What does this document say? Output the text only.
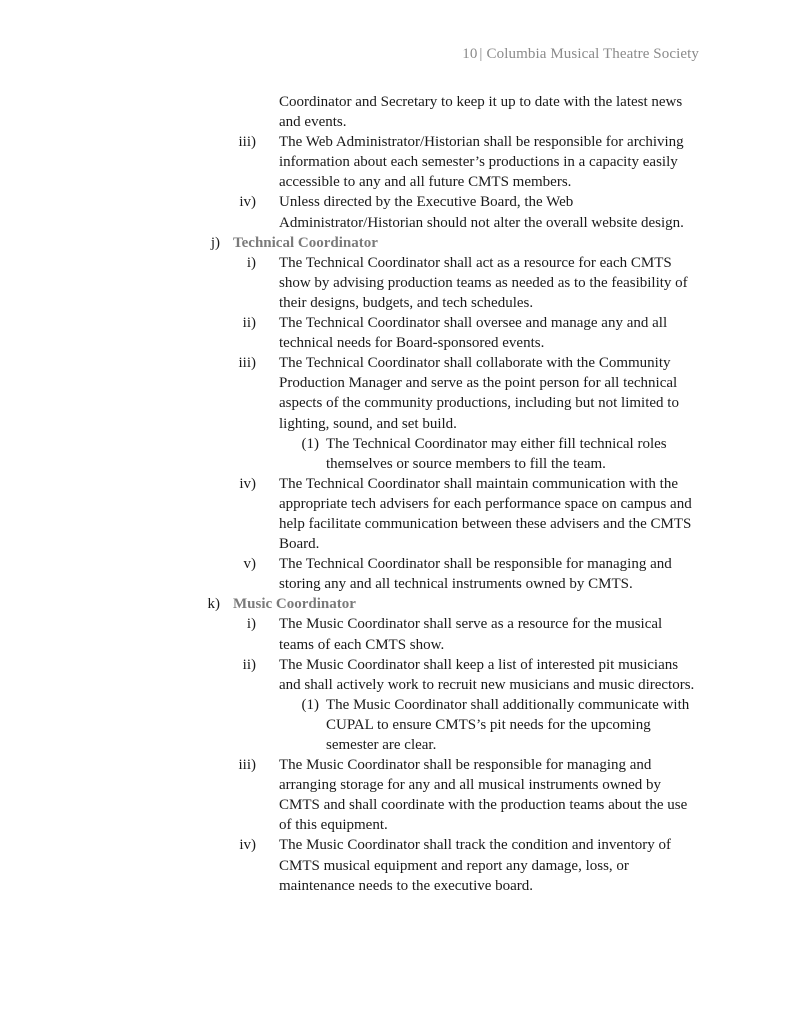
10 | Columbia Musical Theatre Society
Coordinator and Secretary to keep it up to date with the latest news
and events.
iii) The Web Administrator/Historian shall be responsible for archiving
information about each semester’s productions in a capacity easily
accessible to any and all future CMTS members.
iv) Unless directed by the Executive Board, the Web
Administrator/Historian should not alter the overall website design.
j) Technical Coordinator
i) The Technical Coordinator shall act as a resource for each CMTS
show by advising production teams as needed as to the feasibility of
their designs, budgets, and tech schedules.
ii) The Technical Coordinator shall oversee and manage any and all
technical needs for Board-sponsored events.
iii) The Technical Coordinator shall collaborate with the Community
Production Manager and serve as the point person for all technical
aspects of the community productions, including but not limited to
lighting, sound, and set build.
(1) The Technical Coordinator may either fill technical roles
themselves or source members to fill the team.
iv) The Technical Coordinator shall maintain communication with the
appropriate tech advisers for each performance space on campus and
help facilitate communication between these advisers and the CMTS
Board.
v) The Technical Coordinator shall be responsible for managing and
storing any and all technical instruments owned by CMTS.
k) Music Coordinator
i) The Music Coordinator shall serve as a resource for the musical
teams of each CMTS show.
ii) The Music Coordinator shall keep a list of interested pit musicians
and shall actively work to recruit new musicians and music directors.
(1) The Music Coordinator shall additionally communicate with
CUPAL to ensure CMTS’s pit needs for the upcoming
semester are clear.
iii) The Music Coordinator shall be responsible for managing and
arranging storage for any and all musical instruments owned by
CMTS and shall coordinate with the production teams about the use
of this equipment.
iv) The Music Coordinator shall track the condition and inventory of
CMTS musical equipment and report any damage, loss, or
maintenance needs to the executive board.
